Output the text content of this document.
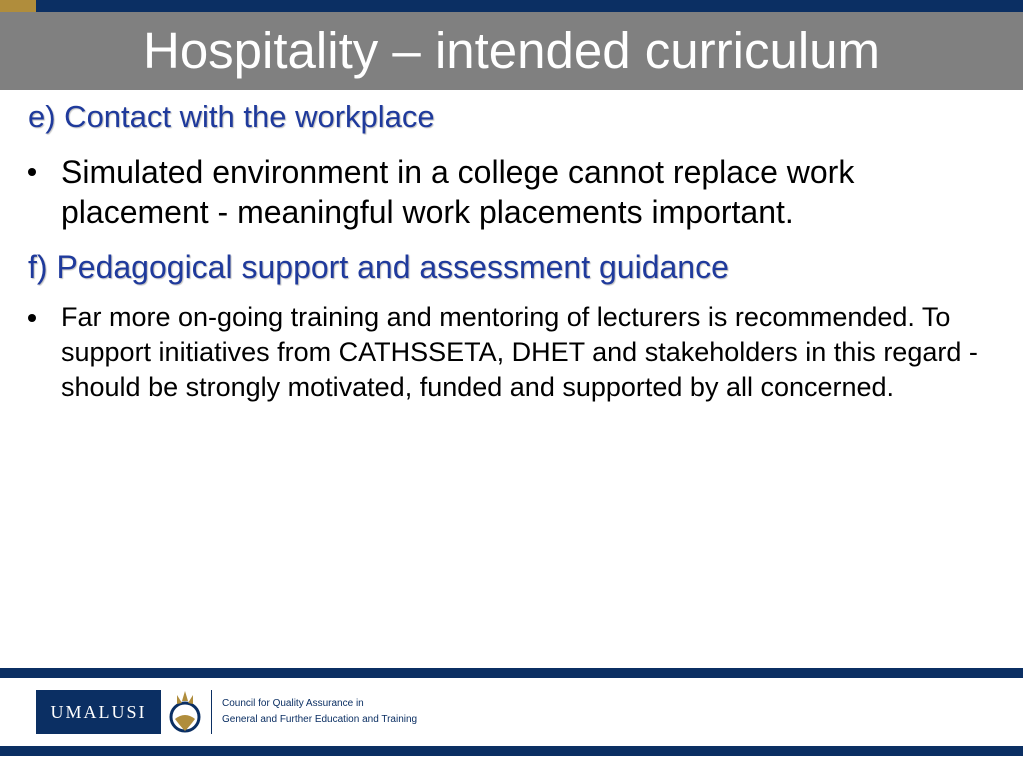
Hospitality – intended curriculum
e) Contact with the workplace
Simulated environment in a college cannot replace work placement - meaningful work placements important.
f) Pedagogical support and assessment guidance
Far more on-going training and mentoring of lecturers is recommended. To support initiatives from CATHSSETA, DHET and stakeholders in this regard - should be strongly motivated, funded and supported by all concerned.
UMALUSI	Council for Quality Assurance in
General and Further Education and Training
